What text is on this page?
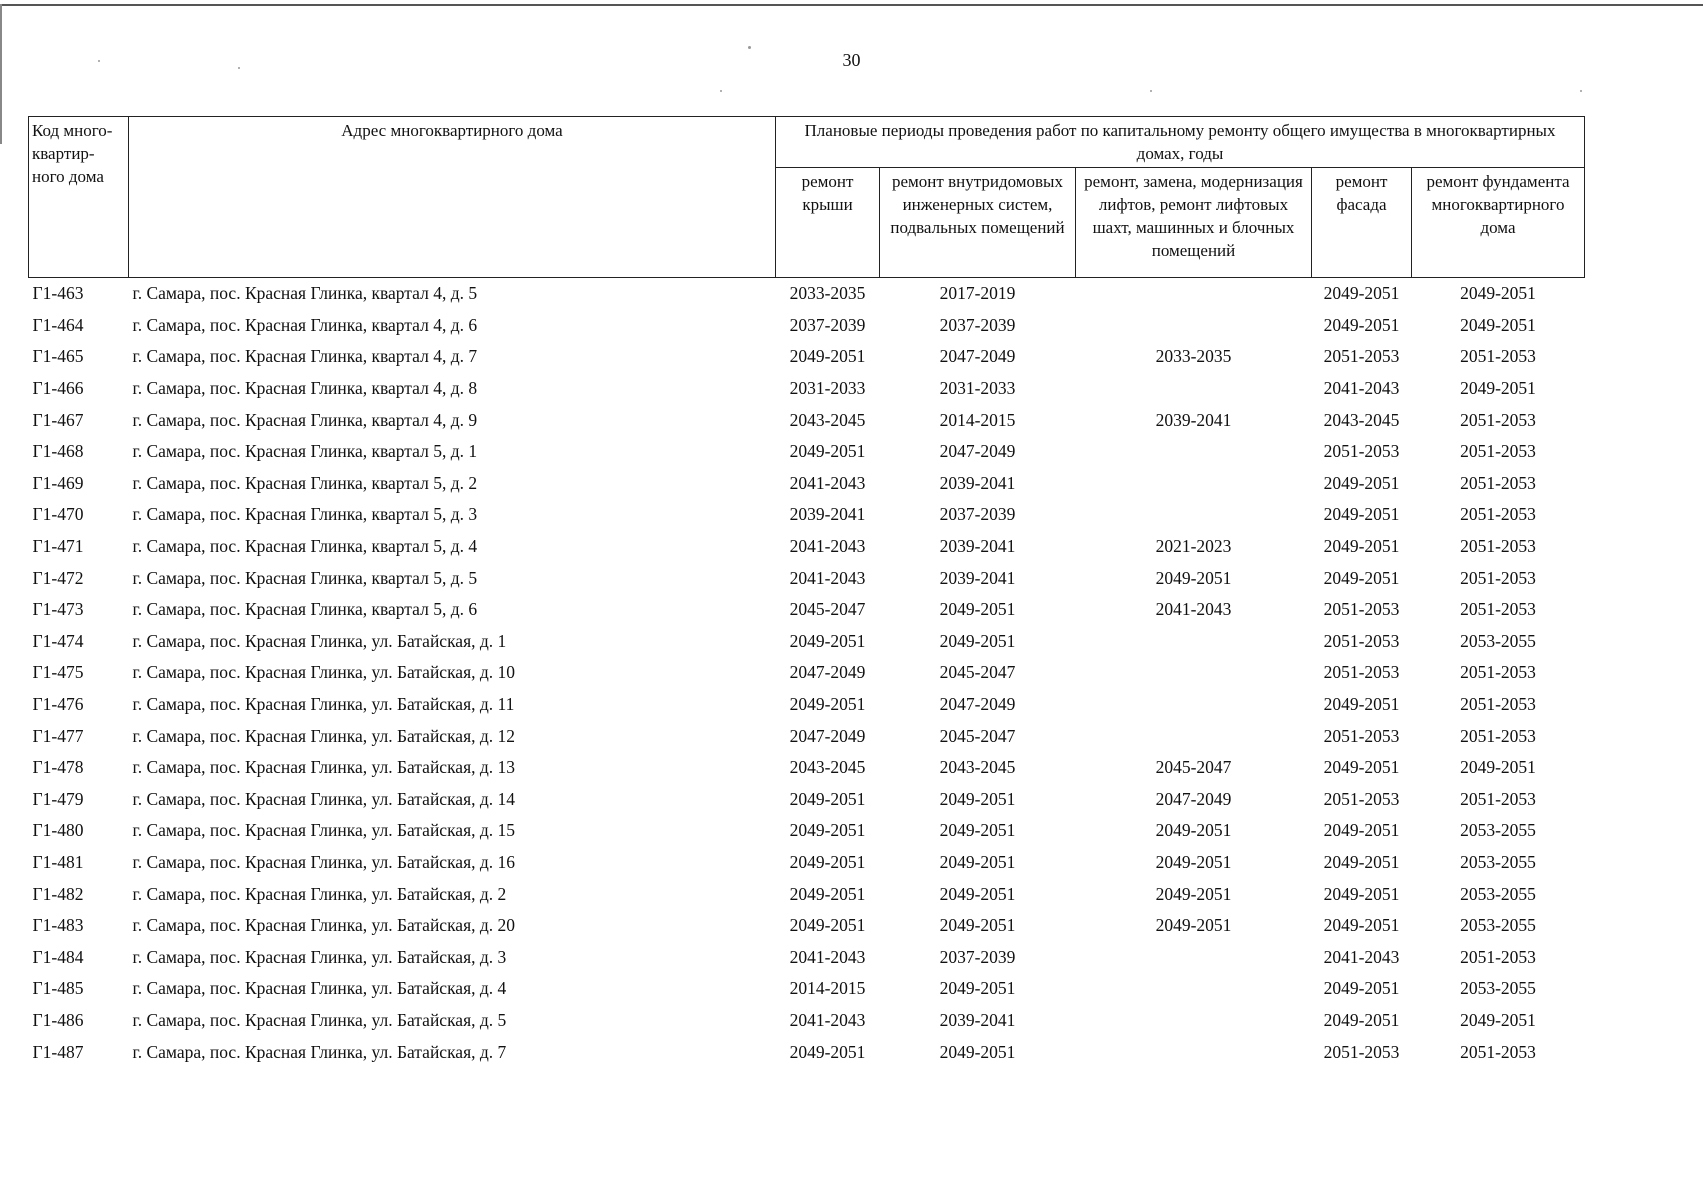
30
Код много-квартир-ного дома	Адрес многоквартирного дома	Плановые периоды проведения работ по капитальному ремонту общего имущества в многоквартирных домах, годы				
		ремонт крыши	ремонт внутридомовых инженерных систем, подвальных помещений	ремонт, замена, модернизация лифтов, ремонт лифтовых шахт, машинных и блочных помещений	ремонт фасада	ремонт фундамента многоквартирного дома
Г1-463	г. Самара, пос. Красная Глинка, квартал 4, д. 5	2033-2035	2017-2019		2049-2051	2049-2051
Г1-464	г. Самара, пос. Красная Глинка, квартал 4, д. 6	2037-2039	2037-2039		2049-2051	2049-2051
Г1-465	г. Самара, пос. Красная Глинка, квартал 4, д. 7	2049-2051	2047-2049	2033-2035	2051-2053	2051-2053
Г1-466	г. Самара, пос. Красная Глинка, квартал 4, д. 8	2031-2033	2031-2033		2041-2043	2049-2051
Г1-467	г. Самара, пос. Красная Глинка, квартал 4, д. 9	2043-2045	2014-2015	2039-2041	2043-2045	2051-2053
Г1-468	г. Самара, пос. Красная Глинка, квартал 5, д. 1	2049-2051	2047-2049		2051-2053	2051-2053
Г1-469	г. Самара, пос. Красная Глинка, квартал 5, д. 2	2041-2043	2039-2041		2049-2051	2051-2053
Г1-470	г. Самара, пос. Красная Глинка, квартал 5, д. 3	2039-2041	2037-2039		2049-2051	2051-2053
Г1-471	г. Самара, пос. Красная Глинка, квартал 5, д. 4	2041-2043	2039-2041	2021-2023	2049-2051	2051-2053
Г1-472	г. Самара, пос. Красная Глинка, квартал 5, д. 5	2041-2043	2039-2041	2049-2051	2049-2051	2051-2053
Г1-473	г. Самара, пос. Красная Глинка, квартал 5, д. 6	2045-2047	2049-2051	2041-2043	2051-2053	2051-2053
Г1-474	г. Самара, пос. Красная Глинка, ул. Батайская, д. 1	2049-2051	2049-2051		2051-2053	2053-2055
Г1-475	г. Самара, пос. Красная Глинка, ул. Батайская, д. 10	2047-2049	2045-2047		2051-2053	2051-2053
Г1-476	г. Самара, пос. Красная Глинка, ул. Батайская, д. 11	2049-2051	2047-2049		2049-2051	2051-2053
Г1-477	г. Самара, пос. Красная Глинка, ул. Батайская, д. 12	2047-2049	2045-2047		2051-2053	2051-2053
Г1-478	г. Самара, пос. Красная Глинка, ул. Батайская, д. 13	2043-2045	2043-2045	2045-2047	2049-2051	2049-2051
Г1-479	г. Самара, пос. Красная Глинка, ул. Батайская, д. 14	2049-2051	2049-2051	2047-2049	2051-2053	2051-2053
Г1-480	г. Самара, пос. Красная Глинка, ул. Батайская, д. 15	2049-2051	2049-2051	2049-2051	2049-2051	2053-2055
Г1-481	г. Самара, пос. Красная Глинка, ул. Батайская, д. 16	2049-2051	2049-2051	2049-2051	2049-2051	2053-2055
Г1-482	г. Самара, пос. Красная Глинка, ул. Батайская, д. 2	2049-2051	2049-2051	2049-2051	2049-2051	2053-2055
Г1-483	г. Самара, пос. Красная Глинка, ул. Батайская, д. 20	2049-2051	2049-2051	2049-2051	2049-2051	2053-2055
Г1-484	г. Самара, пос. Красная Глинка, ул. Батайская, д. 3	2041-2043	2037-2039		2041-2043	2051-2053
Г1-485	г. Самара, пос. Красная Глинка, ул. Батайская, д. 4	2014-2015	2049-2051		2049-2051	2053-2055
Г1-486	г. Самара, пос. Красная Глинка, ул. Батайская, д. 5	2041-2043	2039-2041		2049-2051	2049-2051
Г1-487	г. Самара, пос. Красная Глинка, ул. Батайская, д. 7	2049-2051	2049-2051		2051-2053	2051-2053
